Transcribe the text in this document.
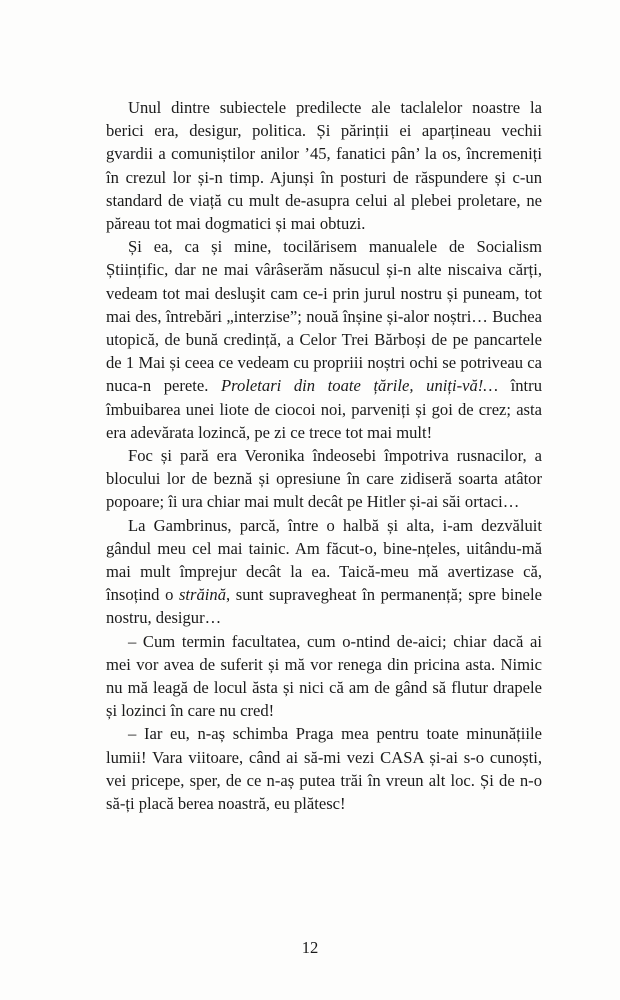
Unul dintre subiectele predilecte ale taclalelor noastre la berici era, desigur, politica. Și părinții ei aparțineau vechii gvardii a comuniștilor anilor ’45, fanatici pân’ la os, încremeniți în crezul lor și-n timp. Ajunși în posturi de răspundere și c-un standard de viață cu mult de-asupra celui al plebei proletare, ne păreau tot mai dogmatici și mai obtuzi.

Și ea, ca și mine, tocilărisem manualele de Socialism Științific, dar ne mai vârâserăm năsucul și-n alte niscaiva cărți, vedeam tot mai desluşit cam ce-i prin jurul nostru și puneam, tot mai des, întrebări „interzise”; nouă înșine și-alor noștri… Buchea utopică, de bună credință, a Celor Trei Bărboși de pe pancartele de 1 Mai și ceea ce vedeam cu propriii noștri ochi se potriveau ca nuca-n perete. Proletari din toate țările, uniți-vă!… întru îmbuibarea unei liote de ciocoi noi, parveniți și goi de crez; asta era adevărata lozincă, pe zi ce trece tot mai mult!

Foc și pară era Veronika îndeosebi împotriva rusnacilor, a blocului lor de beznă și opresiune în care zidiseră soarta atâtor popoare; îi ura chiar mai mult decât pe Hitler și-ai săi ortaci…

La Gambrinus, parcă, între o halbă și alta, i-am dezvăluit gândul meu cel mai tainic. Am făcut-o, bine-nțeles, uitându-mă mai mult împrejur decât la ea. Taică-meu mă avertizase că, însoțind o străină, sunt supravegheat în permanență; spre binele nostru, desigur…

– Cum termin facultatea, cum o-ntind de-aici; chiar dacă ai mei vor avea de suferit și mă vor renega din pricina asta. Nimic nu mă leagă de locul ăsta și nici că am de gând să flutur drapele și lozinci în care nu cred!

– Iar eu, n-aș schimba Praga mea pentru toate minunățiile lumii! Vara viitoare, când ai să-mi vezi CASA și-ai s-o cunoști, vei pricepe, sper, de ce n-aș putea trăi în vreun alt loc. Și de n-o să-ți placă berea noastră, eu plătesc!

12
